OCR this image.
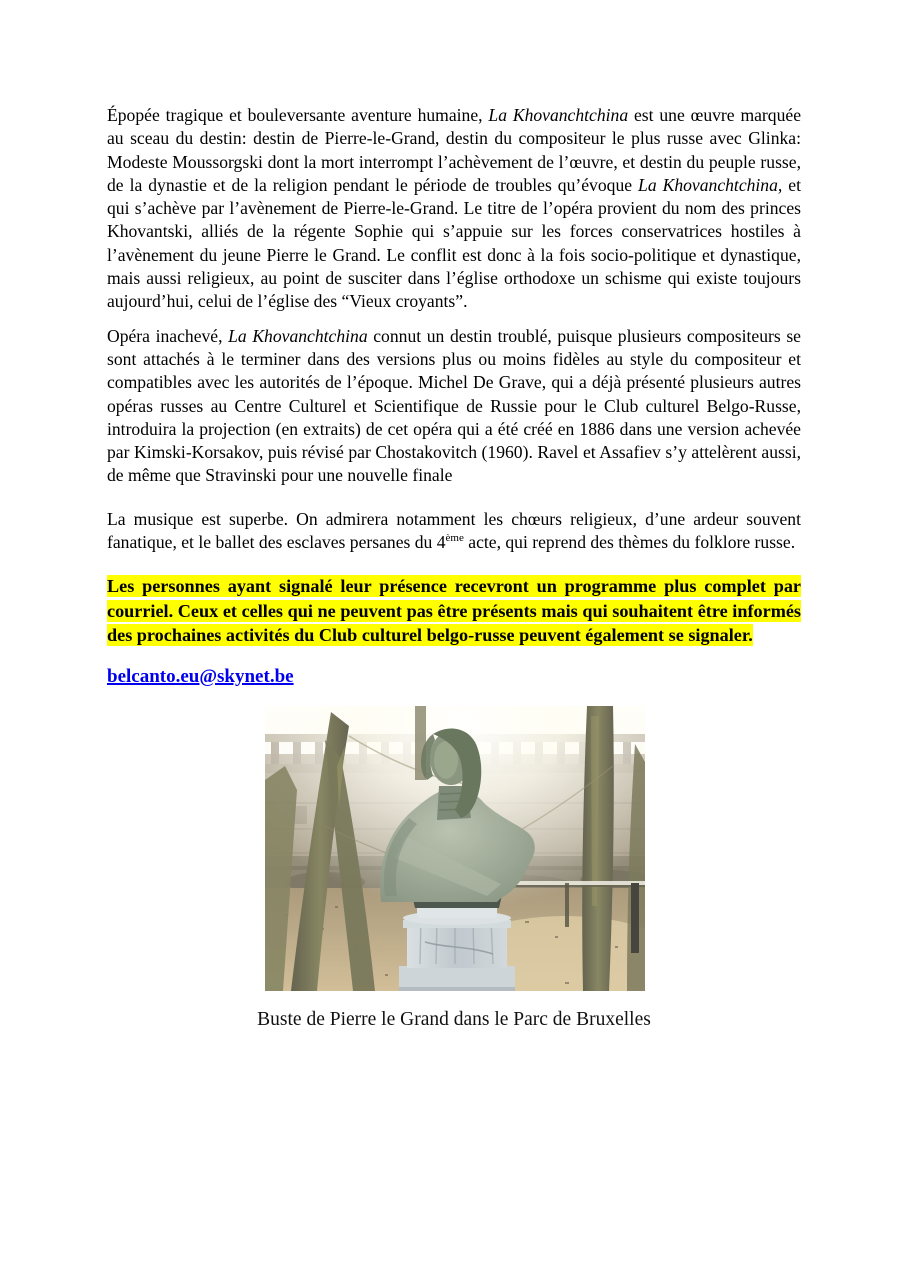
Épopée tragique et bouleversante aventure humaine, La Khovanchtchina est une œuvre marquée au sceau du destin: destin de Pierre-le-Grand, destin du compositeur le plus russe avec Glinka: Modeste Moussorgski dont la mort interrompt l’achèvement de l’œuvre, et destin du peuple russe, de la dynastie et de la religion pendant le période de troubles qu’évoque La Khovanchtchina, et qui s’achève par l’avènement de Pierre-le-Grand. Le titre de l’opéra provient du nom des princes Khovantski, alliés de la régente Sophie qui s’appuie sur les forces conservatrices hostiles à l’avènement du jeune Pierre le Grand. Le conflit est donc à la fois socio-politique et dynastique, mais aussi religieux, au point de susciter dans l’église orthodoxe un schisme qui existe toujours aujourd’hui, celui de l’église des “Vieux croyants”.

Opéra inachevé, La Khovanchtchina connut un destin troublé, puisque plusieurs compositeurs se sont attachés à le terminer dans des versions plus ou moins fidèles au style du compositeur et compatibles avec les autorités de l’époque. Michel De Grave, qui a déjà présenté plusieurs autres opéras russes au Centre Culturel et Scientifique de Russie pour le Club culturel Belgo-Russe, introduira la projection (en extraits) de cet opéra qui a été créé en 1886 dans une version achevée par Kimski-Korsakov, puis révisé par Chostakovitch (1960). Ravel et Assafiev s’y attelèrent aussi, de même que Stravinski pour une nouvelle finale

La musique est superbe. On admirera notamment les chœurs religieux, d’une ardeur souvent fanatique, et le ballet des esclaves persanes du 4ème acte, qui reprend des thèmes du folklore russe.

Les personnes ayant signalé leur présence recevront un programme plus complet par courriel. Ceux et celles qui ne peuvent pas être présents mais qui souhaitent être informés des prochaines activités du Club culturel belgo-russe peuvent également se signaler.

belcanto.eu@skynet.be

Buste de Pierre le Grand dans le Parc de Bruxelles
